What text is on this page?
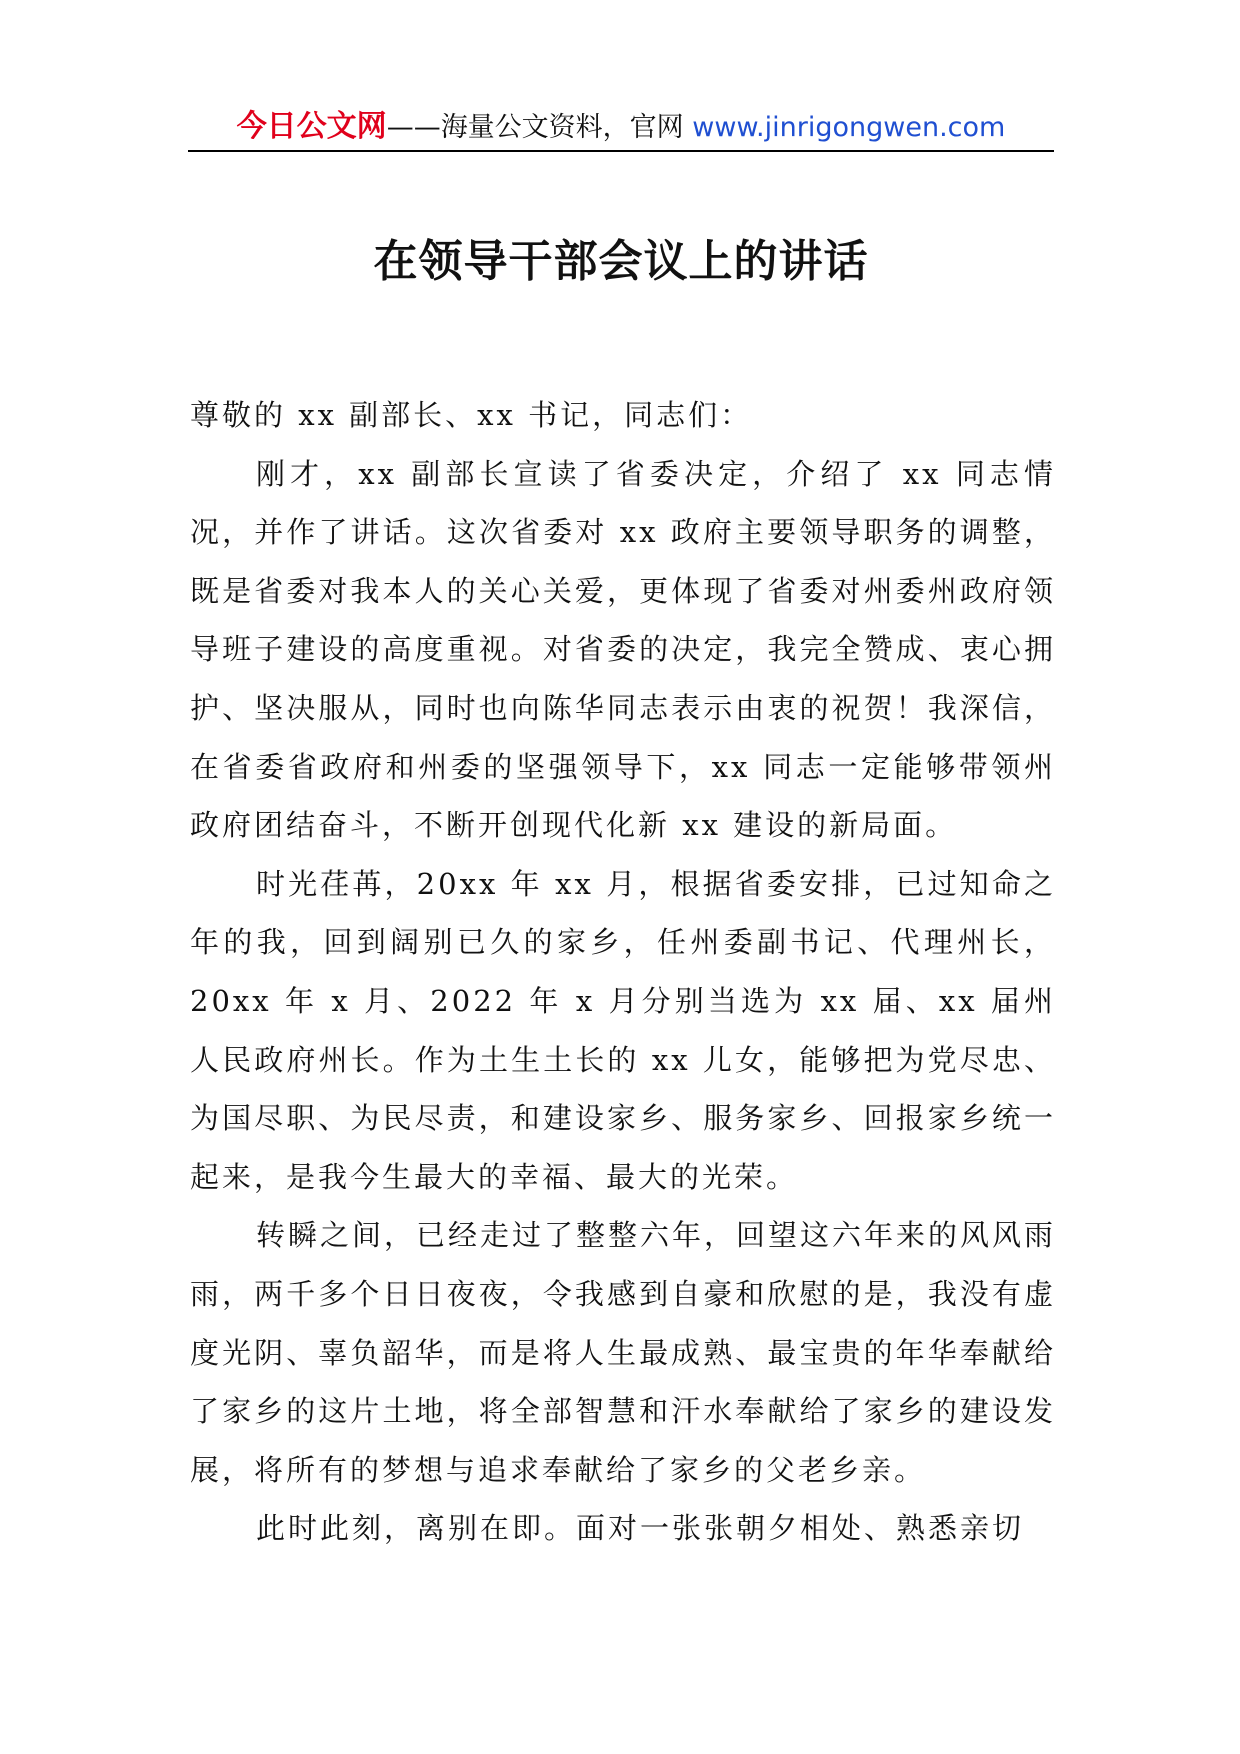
今日公文网——海量公文资料，官网 www.jinrigongwen.com
在领导干部会议上的讲话

尊敬的 xx 副部长、xx 书记，同志们：

刚才，xx 副部长宣读了省委决定，介绍了 xx 同志情况，并作了讲话。这次省委对 xx 政府主要领导职务的调整，既是省委对我本人的关心关爱，更体现了省委对州委州政府领导班子建设的高度重视。对省委的决定，我完全赞成、衷心拥护、坚决服从，同时也向陈华同志表示由衷的祝贺！我深信，在省委省政府和州委的坚强领导下，xx 同志一定能够带领州政府团结奋斗，不断开创现代化新 xx 建设的新局面。

时光荏苒，20xx 年 xx 月，根据省委安排，已过知命之年的我，回到阔别已久的家乡，任州委副书记、代理州长，20xx 年 x 月、2022 年 x 月分别当选为 xx 届、xx 届州人民政府州长。作为土生土长的 xx 儿女，能够把为党尽忠、为国尽职、为民尽责，和建设家乡、服务家乡、回报家乡统一起来，是我今生最大的幸福、最大的光荣。

转瞬之间，已经走过了整整六年，回望这六年来的风风雨雨，两千多个日日夜夜，令我感到自豪和欣慰的是，我没有虚度光阴、辜负韶华，而是将人生最成熟、最宝贵的年华奉献给了家乡的这片土地，将全部智慧和汗水奉献给了家乡的建设发展，将所有的梦想与追求奉献给了家乡的父老乡亲。

此时此刻，离别在即。面对一张张朝夕相处、熟悉亲切
